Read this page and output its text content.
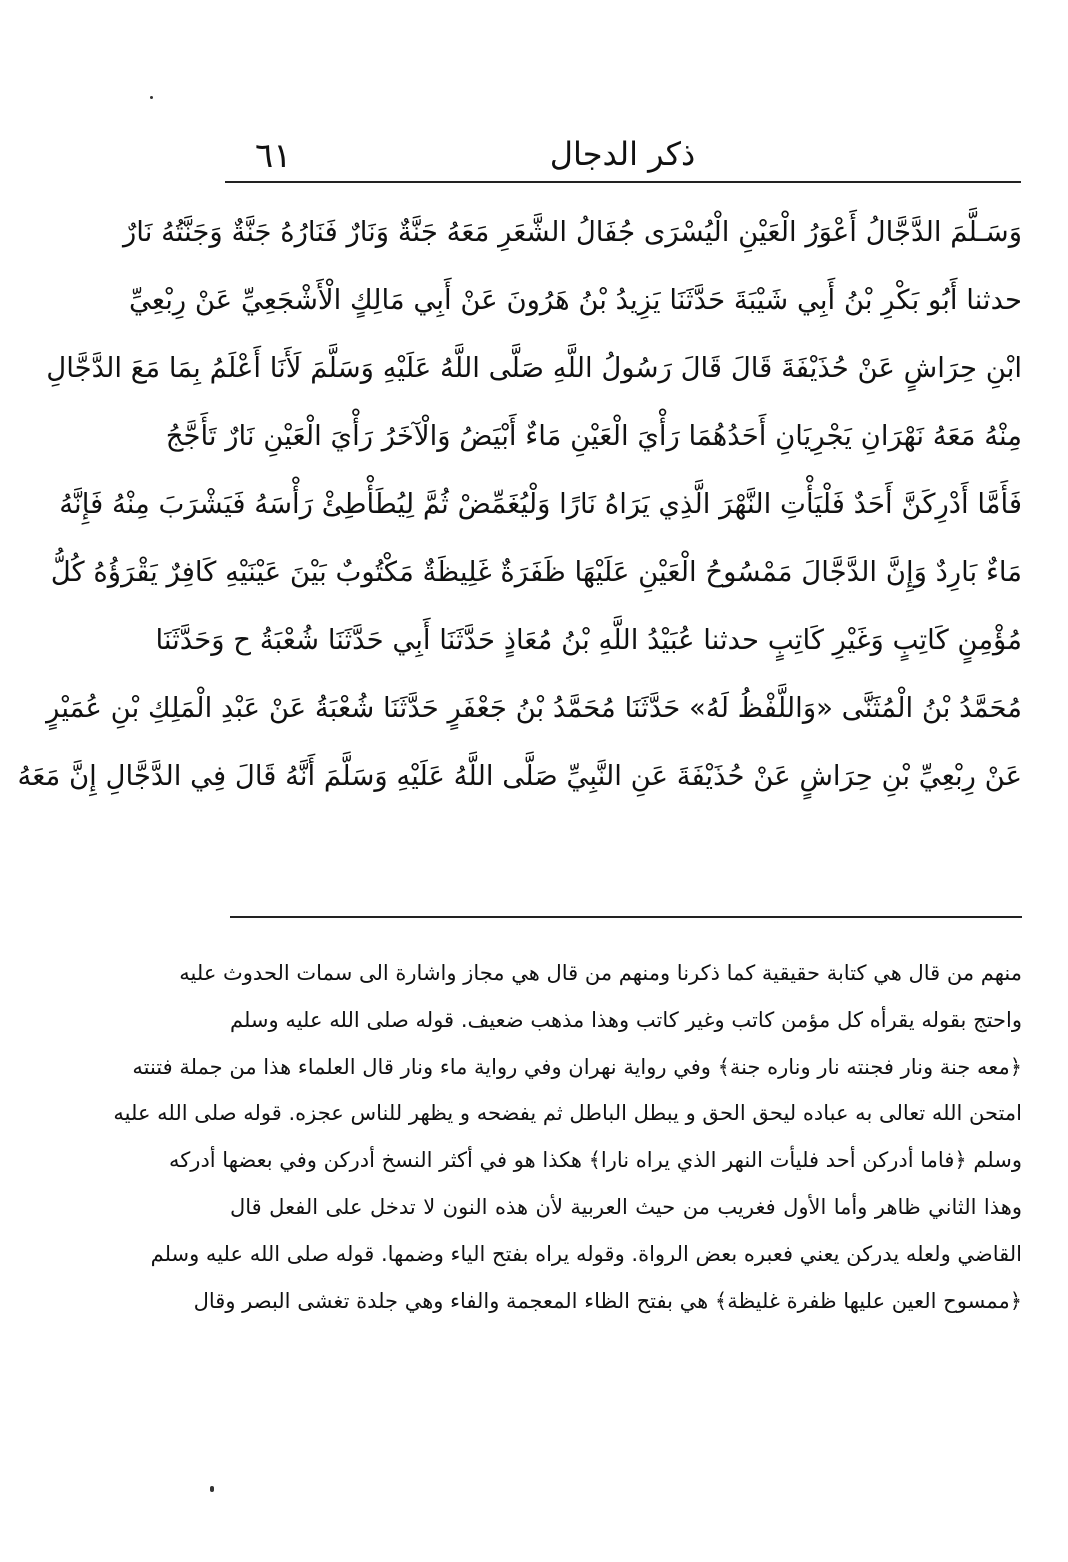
٦١	ذكر الدجال
وَسَـلَّمَ الدَّجَّالُ أَعْوَرُ الْعَيْنِ الْيُسْرَى جُفَالُ الشَّعَرِ مَعَهُ جَنَّةٌ وَنَارٌ فَنَارُهُ جَنَّةٌ وَجَنَّتُهُ نَارٌ
حدثنا أَبُو بَكْرِ بْنُ أَبِي شَيْبَةَ حَدَّثَنَا يَزِيدُ بْنُ هَرُونَ عَنْ أَبِي مَالِكٍ الْأَشْجَعِيِّ عَنْ رِبْعِيِّ
ابْنِ حِرَاشٍ عَنْ حُذَيْفَةَ قَالَ قَالَ رَسُولُ اللَّهِ صَلَّى اللَّهُ عَلَيْهِ وَسَلَّمَ لَأَنَا أَعْلَمُ بِمَا مَعَ الدَّجَّالِ
مِنْهُ مَعَهُ نَهْرَانِ يَجْرِيَانِ أَحَدُهُمَا رَأْيَ الْعَيْنِ مَاءٌ أَبْيَضُ وَالْآخَرُ رَأْيَ الْعَيْنِ نَارٌ تَأَجَّجُ
فَأَمَّا أَدْرِكَنَّ أَحَدٌ فَلْيَأْتِ النَّهْرَ الَّذِي يَرَاهُ نَارًا وَلْيُغَمِّضْ ثُمَّ لِيُطَأْطِئْ رَأْسَهُ فَيَشْرَبَ مِنْهُ فَإِنَّهُ
مَاءٌ بَارِدٌ وَإِنَّ الدَّجَّالَ مَمْسُوحُ الْعَيْنِ عَلَيْهَا ظَفَرَةٌ غَلِيظَةٌ مَكْتُوبٌ بَيْنَ عَيْنَيْهِ كَافِرٌ يَقْرَؤُهُ كُلُّ
مُؤْمِنٍ كَاتِبٍ وَغَيْرِ كَاتِبٍ حدثنا عُبَيْدُ اللَّهِ بْنُ مُعَاذٍ حَدَّثَنَا أَبِي حَدَّثَنَا شُعْبَةُ ح وَحَدَّثَنَا
مُحَمَّدُ بْنُ الْمُثَنَّى «وَاللَّفْظُ لَهُ» حَدَّثَنَا مُحَمَّدُ بْنُ جَعْفَرٍ حَدَّثَنَا شُعْبَةُ عَنْ عَبْدِ الْمَلِكِ بْنِ عُمَيْرٍ
عَنْ رِبْعِيِّ بْنِ حِرَاشٍ عَنْ حُذَيْفَةَ عَنِ النَّبِيِّ صَلَّى اللَّهُ عَلَيْهِ وَسَلَّمَ أَنَّهُ قَالَ فِي الدَّجَّالِ إِنَّ مَعَهُ
منهم من قال هي كتابة حقيقية كما ذكرنا ومنهم من قال هي مجاز واشارة الى سمات الحدوث عليه
واحتج بقوله يقرأه كل مؤمن كاتب وغير كاتب وهذا مذهب ضعيف. قوله صلى الله عليه وسلم
﴿معه جنة ونار فجنته نار وناره جنة﴾ وفي رواية نهران وفي رواية ماء ونار قال العلماء هذا من جملة فتنته
امتحن الله تعالى به عباده ليحق الحق و يبطل الباطل ثم يفضحه و يظهر للناس عجزه. قوله صلى الله عليه
وسلم ﴿فاما أدركن أحد فليأت النهر الذي يراه نارا﴾ هكذا هو في أكثر النسخ أدركن وفي بعضها أدركه
وهذا الثاني ظاهر وأما الأول فغريب من حيث العربية لأن هذه النون لا تدخل على الفعل قال
القاضي ولعله يدركن يعني فعبره بعض الرواة. وقوله يراه بفتح الياء وضمها. قوله صلى الله عليه وسلم
﴿ممسوح العين عليها ظفرة غليظة﴾ هي بفتح الظاء المعجمة والفاء وهي جلدة تغشى البصر وقال
